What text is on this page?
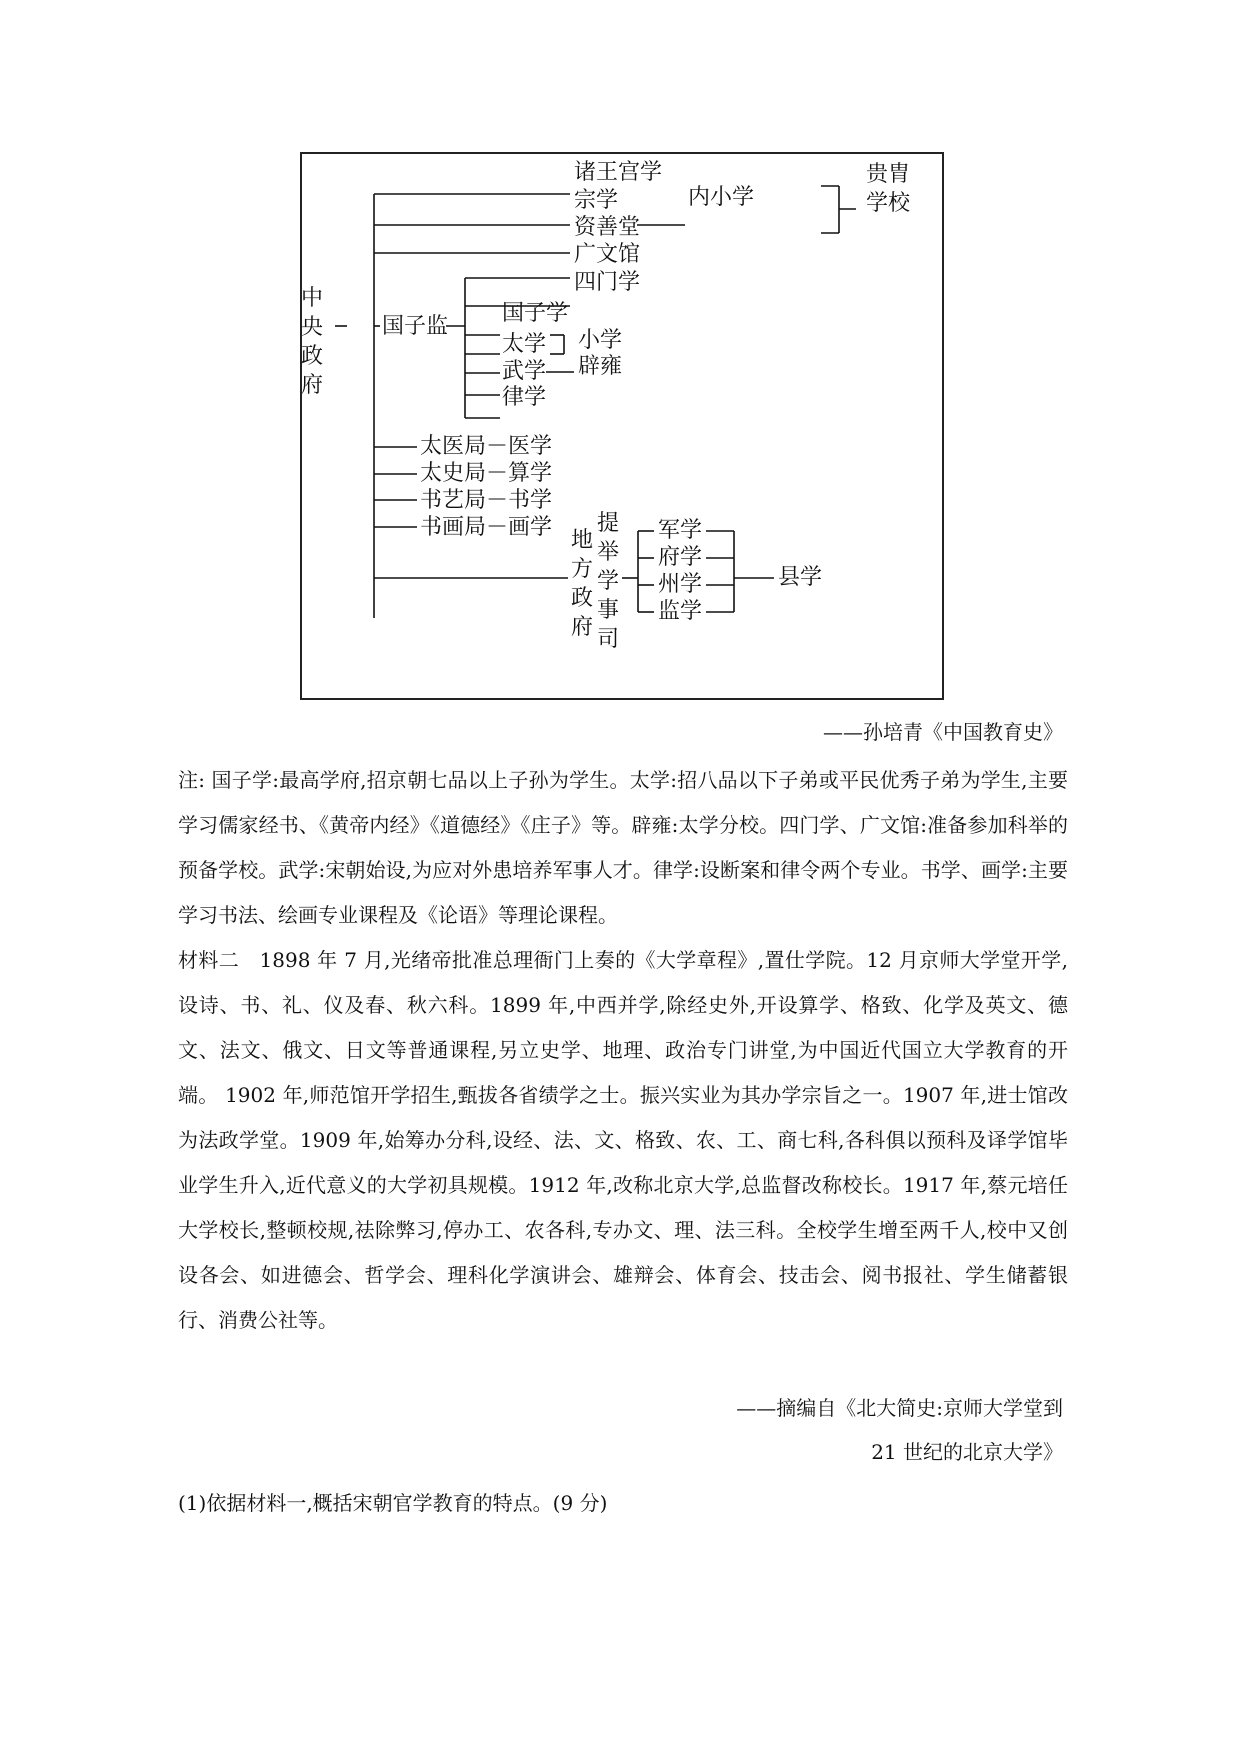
中央政府
国子监
诸王宫学
宗学	内小学
贵胄学校
资善堂
广文馆
四门学
国子学
小学
太学
辟雍
武学
律学
太医局－医学
太史局－算学
书艺局－书学
书画局－画学
地方政府
提举学事司
军学
府学
州学
监学
县学
——孙培青《中国教育史》
注: 国子学:最高学府,招京朝七品以上子孙为学生。太学:招八品以下子弟或平民优秀子弟为学生,主要学习儒家经书、《黄帝内经》《道德经》《庄子》等。辟雍:太学分校。四门学、广文馆:准备参加科举的预备学校。武学:宋朝始设,为应对外患培养军事人才。律学:设断案和律令两个专业。书学、画学:主要学习书法、绘画专业课程及《论语》等理论课程。
材料二　1898 年 7 月,光绪帝批准总理衙门上奏的《大学章程》,置仕学院。12 月京师大学堂开学,设诗、书、礼、仪及春、秋六科。1899 年,中西并学,除经史外,开设算学、格致、化学及英文、德文、法文、俄文、日文等普通课程,另立史学、地理、政治专门讲堂,为中国近代国立大学教育的开端。 1902 年,师范馆开学招生,甄拔各省绩学之士。振兴实业为其办学宗旨之一。1907 年,进士馆改为法政学堂。1909 年,始筹办分科,设经、法、文、格致、农、工、商七科,各科俱以预科及译学馆毕业学生升入,近代意义的大学初具规模。1912 年,改称北京大学,总监督改称校长。1917 年,蔡元培任大学校长,整顿校规,祛除弊习,停办工、农各科,专办文、理、法三科。全校学生增至两千人,校中又创设各会、如进德会、哲学会、理科化学演讲会、雄辩会、体育会、技击会、阅书报社、学生储蓄银行、消费公社等。
——摘编自《北大简史:京师大学堂到
21 世纪的北京大学》
(1)依据材料一,概括宋朝官学教育的特点。(9 分)
